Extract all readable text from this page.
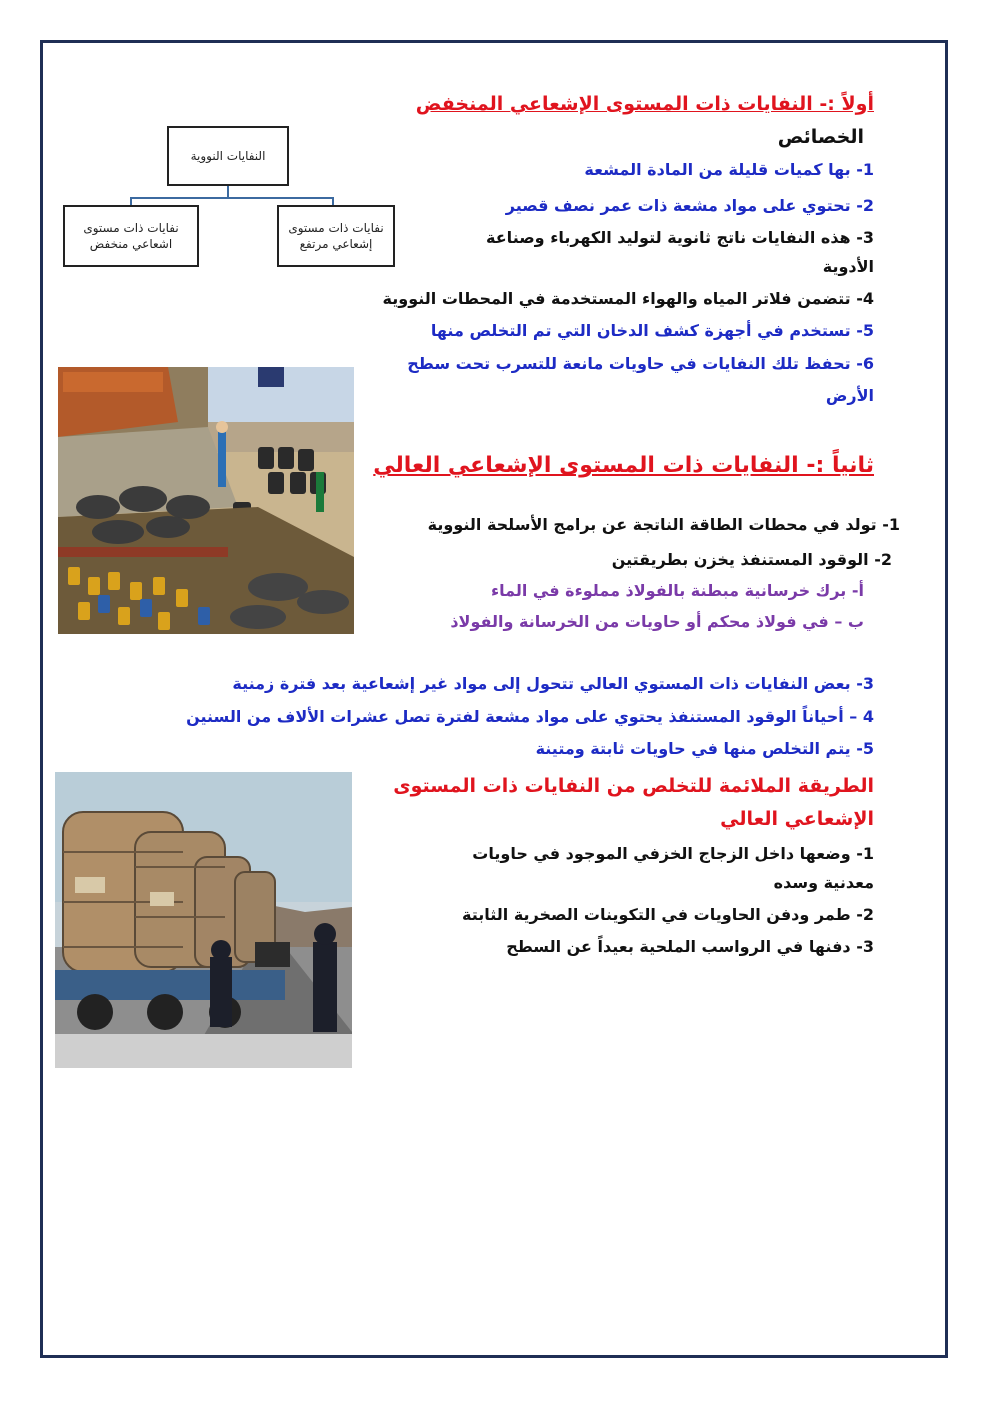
أولاً :- النفايات ذات المستوى الإشعاعي المنخفض
الخصائص
1- بها كميات قليلة من المادة المشعة
2- تحتوي على مواد مشعة ذات عمر نصف قصير
3- هذه النفايات ناتج ثانوية لتوليد الكهرباء وصناعة
الأدوية
4- تتضمن فلاتر المياه والهواء المستخدمة في المحطات النووية
5- تستخدم في أجهزة كشف الدخان التي تم التخلص منها
6- تحفظ تلك النفايات في حاويات مانعة للتسرب تحت سطح
الأرض
النفايات النووية
نفايات ذات مستوى اشعاعي منخفض
نفايات ذات مستوى إشعاعي مرتفع
ثانياً :- النفايات ذات المستوى الإشعاعي العالي
1- تولد في محطات الطاقة الناتجة عن برامج الأسلحة النووية
2- الوقود المستنفذ يخزن بطريقتين
أ- برك خرسانية مبطنة بالفولاذ مملوءة في الماء
ب – في فولاذ محكم أو حاويات من الخرسانة والفولاذ
3- بعض النفايات ذات المستوي العالي تتحول إلى مواد غير إشعاعية بعد فترة زمنية
4 – أحياناً الوقود المستنفذ يحتوي على مواد مشعة لفترة تصل عشرات الألاف من السنين
5- يتم التخلص منها في حاويات ثابتة ومتينة
الطريقة الملائمة للتخلص من النفايات ذات المستوى
الإشعاعي العالي
1- وضعها داخل الزجاج الخزفي الموجود في حاويات
معدنية وسده
2- طمر ودفن الحاويات في التكوينات الصخرية الثابتة
3- دفنها في الرواسب الملحية بعيداً عن السطح
